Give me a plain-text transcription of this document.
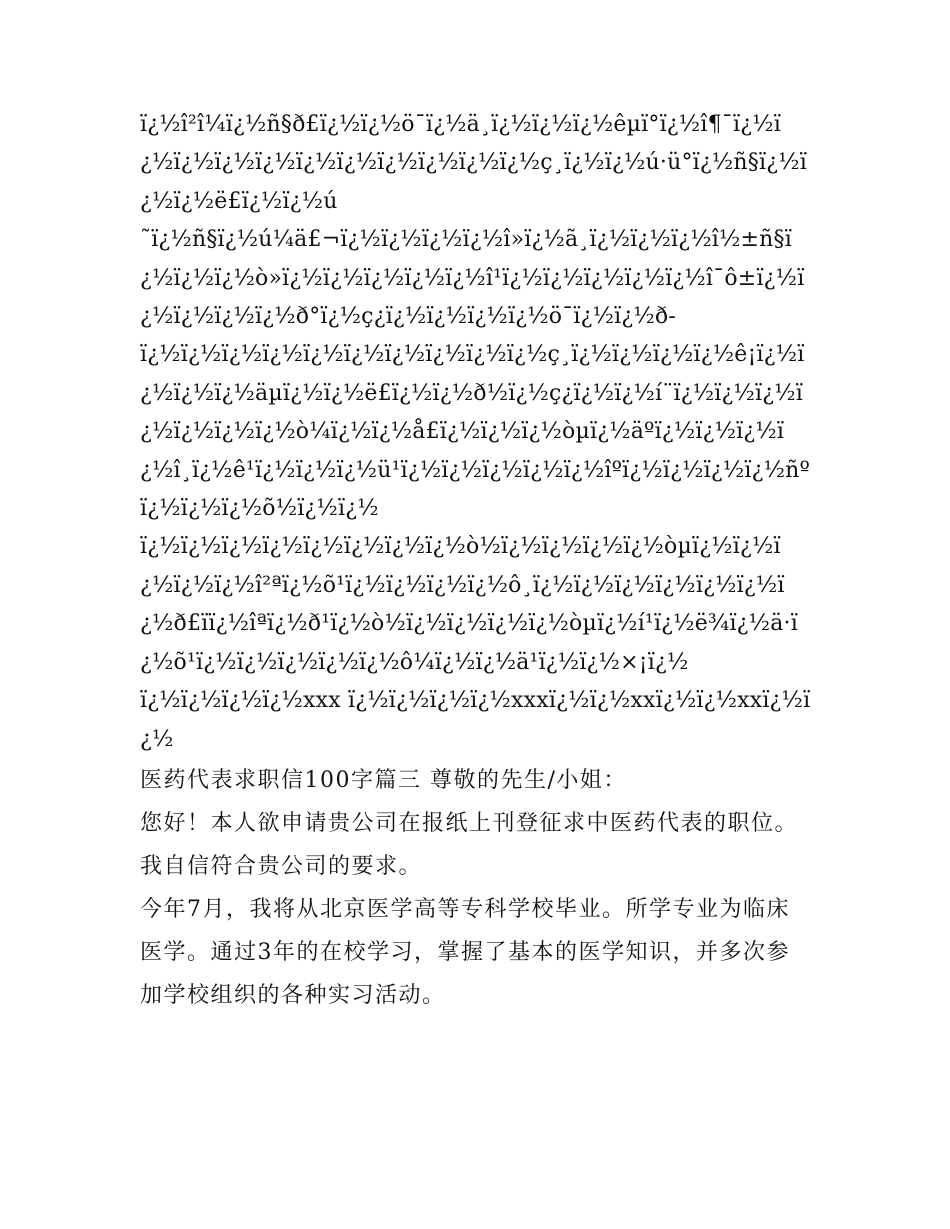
ï¿½î²î¼ï¿½ñ§ð£ï¿½ï¿½ö¯ï¿½ä¸ï¿½ï¿½ï¿½êµï°ï¿½î¶¯ï¿½ï¿½ï¿½ï¿½ï¿½ï¿½ï¿½ï¿½ï¿½ï¿½ï¿½ç¸ï¿½ï¿½ú·ü°ï¿½ñ§ï¿½ï¿½ï¿½ë£ï¿½ï¿½ú

˜ï¿½ñ§ï¿½ú¼ä£¬ï¿½ï¿½ï¿½ï¿½î»ï¿½ã¸ï¿½ï¿½ï¿½î½±ñ§ï¿½ï¿½ï¿½ò»ï¿½ï¿½ï¿½ï¿½ï¿½î¹ï¿½ï¿½ï¿½ï¿½ï¿½î¯ô±ï¿½ï¿½ï¿½ï¿½ï¿½ð°ï¿½ç¿ï¿½ï¿½ï¿½ï¿½ö¯ï¿½ï¿½ð-

ï¿½ï¿½ï¿½ï¿½ï¿½ï¿½ï¿½ï¿½ï¿½ï¿½ç¸ï¿½ï¿½ï¿½ï¿½ê¡ï¿½ï¿½ï¿½ï¿½äµï¿½ï¿½ë£ï¿½ï¿½ð½ï¿½ç¿ï¿½ï¿½í¨ï¿½ï¿½ï¿½ï¿½ï¿½ï¿½ï¿½ò¼ï¿½ï¿½å£ï¿½ï¿½ï¿½òµï¿½äºï¿½ï¿½ï¿½ï¿½î¸ï¿½ê¹ï¿½ï¿½ï¿½ü¹ï¿½ï¿½ï¿½ï¿½ï¿½îºï¿½ï¿½ï¿½ï¿½ñºï¿½ï¿½ï¿½õ½ï¿½ï¿½

ï¿½ï¿½ï¿½ï¿½ï¿½ï¿½ï¿½ï¿½ò½ï¿½ï¿½ï¿½ï¿½òµï¿½ï¿½ï¿½ï¿½ï¿½î²ªï¿½õ¹ï¿½ï¿½ï¿½ï¿½ô¸ï¿½ï¿½ï¿½ï¿½ï¿½ï¿½ï¿½ð£ïï¿½îªï¿½ð¹ï¿½ò½ï¿½ï¿½ï¿½ï¿½òµï¿½í¹ï¿½ë¾ï¿½ä·ï¿½õ¹ï¿½ï¿½ï¿½ï¿½ï¿½ô¼ï¿½ï¿½ä¹ï¿½ï¿½×¡ï¿½

ï¿½ï¿½ï¿½ï¿½xxx ï¿½ï¿½ï¿½ï¿½xxxï¿½ï¿½xxï¿½ï¿½xxï¿½ï¿½

医药代表求职信100字篇三 尊敬的先生/小姐：

您好！本人欲申请贵公司在报纸上刊登征求中医药代表的职位。我自信符合贵公司的要求。

今年7月，我将从北京医学高等专科学校毕业。所学专业为临床医学。通过3年的在校学习，掌握了基本的医学知识，并多次参加学校组织的各种实习活动。
